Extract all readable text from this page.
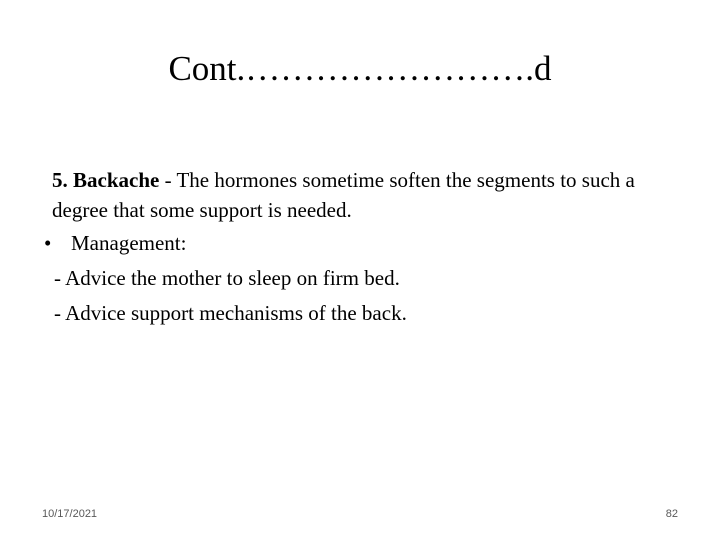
Cont.…………………….d

5. Backache - The hormones sometime soften the segments to such a degree that some support is needed.

• Management:

- Advice the mother to sleep on firm bed.

- Advice support mechanisms of the back.

10/17/2021	82
